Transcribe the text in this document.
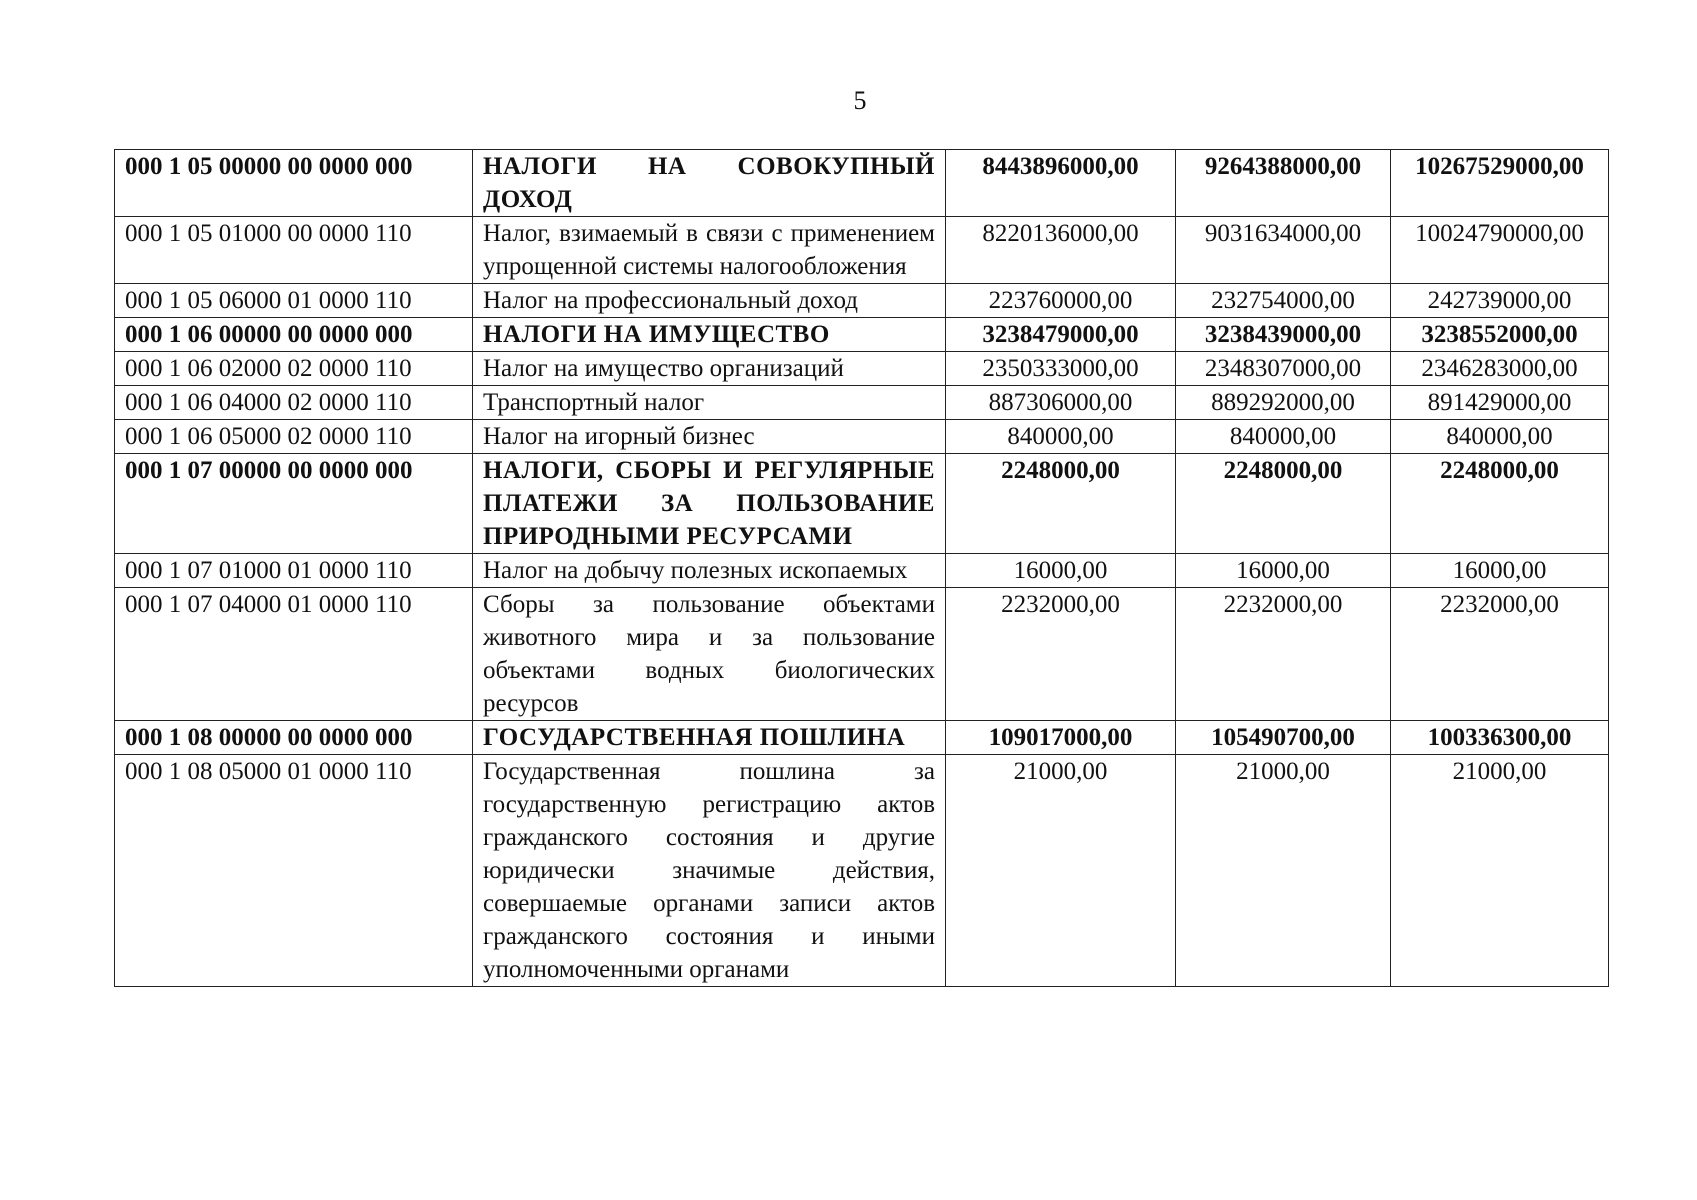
5
000 1 05 00000 00 0000 000	НАЛОГИ НА СОВОКУПНЫЙ ДОХОД	8443896000,00	9264388000,00	10267529000,00
000 1 05 01000 00 0000 110	Налог, взимаемый в связи с применением упрощенной системы налогообложения	8220136000,00	9031634000,00	10024790000,00
000 1 05 06000 01 0000 110	Налог на профессиональный доход	223760000,00	232754000,00	242739000,00
000 1 06 00000 00 0000 000	НАЛОГИ НА ИМУЩЕСТВО	3238479000,00	3238439000,00	3238552000,00
000 1 06 02000 02 0000 110	Налог на имущество организаций	2350333000,00	2348307000,00	2346283000,00
000 1 06 04000 02 0000 110	Транспортный налог	887306000,00	889292000,00	891429000,00
000 1 06 05000 02 0000 110	Налог на игорный бизнес	840000,00	840000,00	840000,00
000 1 07 00000 00 0000 000	НАЛОГИ, СБОРЫ И РЕГУЛЯРНЫЕ ПЛАТЕЖИ ЗА ПОЛЬЗОВАНИЕ ПРИРОДНЫМИ РЕСУРСАМИ	2248000,00	2248000,00	2248000,00
000 1 07 01000 01 0000 110	Налог на добычу полезных ископаемых	16000,00	16000,00	16000,00
000 1 07 04000 01 0000 110	Сборы за пользование объектами животного мира и за пользование объектами водных биологических ресурсов	2232000,00	2232000,00	2232000,00
000 1 08 00000 00 0000 000	ГОСУДАРСТВЕННАЯ ПОШЛИНА	109017000,00	105490700,00	100336300,00
000 1 08 05000 01 0000 110	Государственная пошлина за государственную регистрацию актов гражданского состояния и другие юридически значимые действия, совершаемые органами записи актов гражданского состояния и иными уполномоченными органами	21000,00	21000,00	21000,00
